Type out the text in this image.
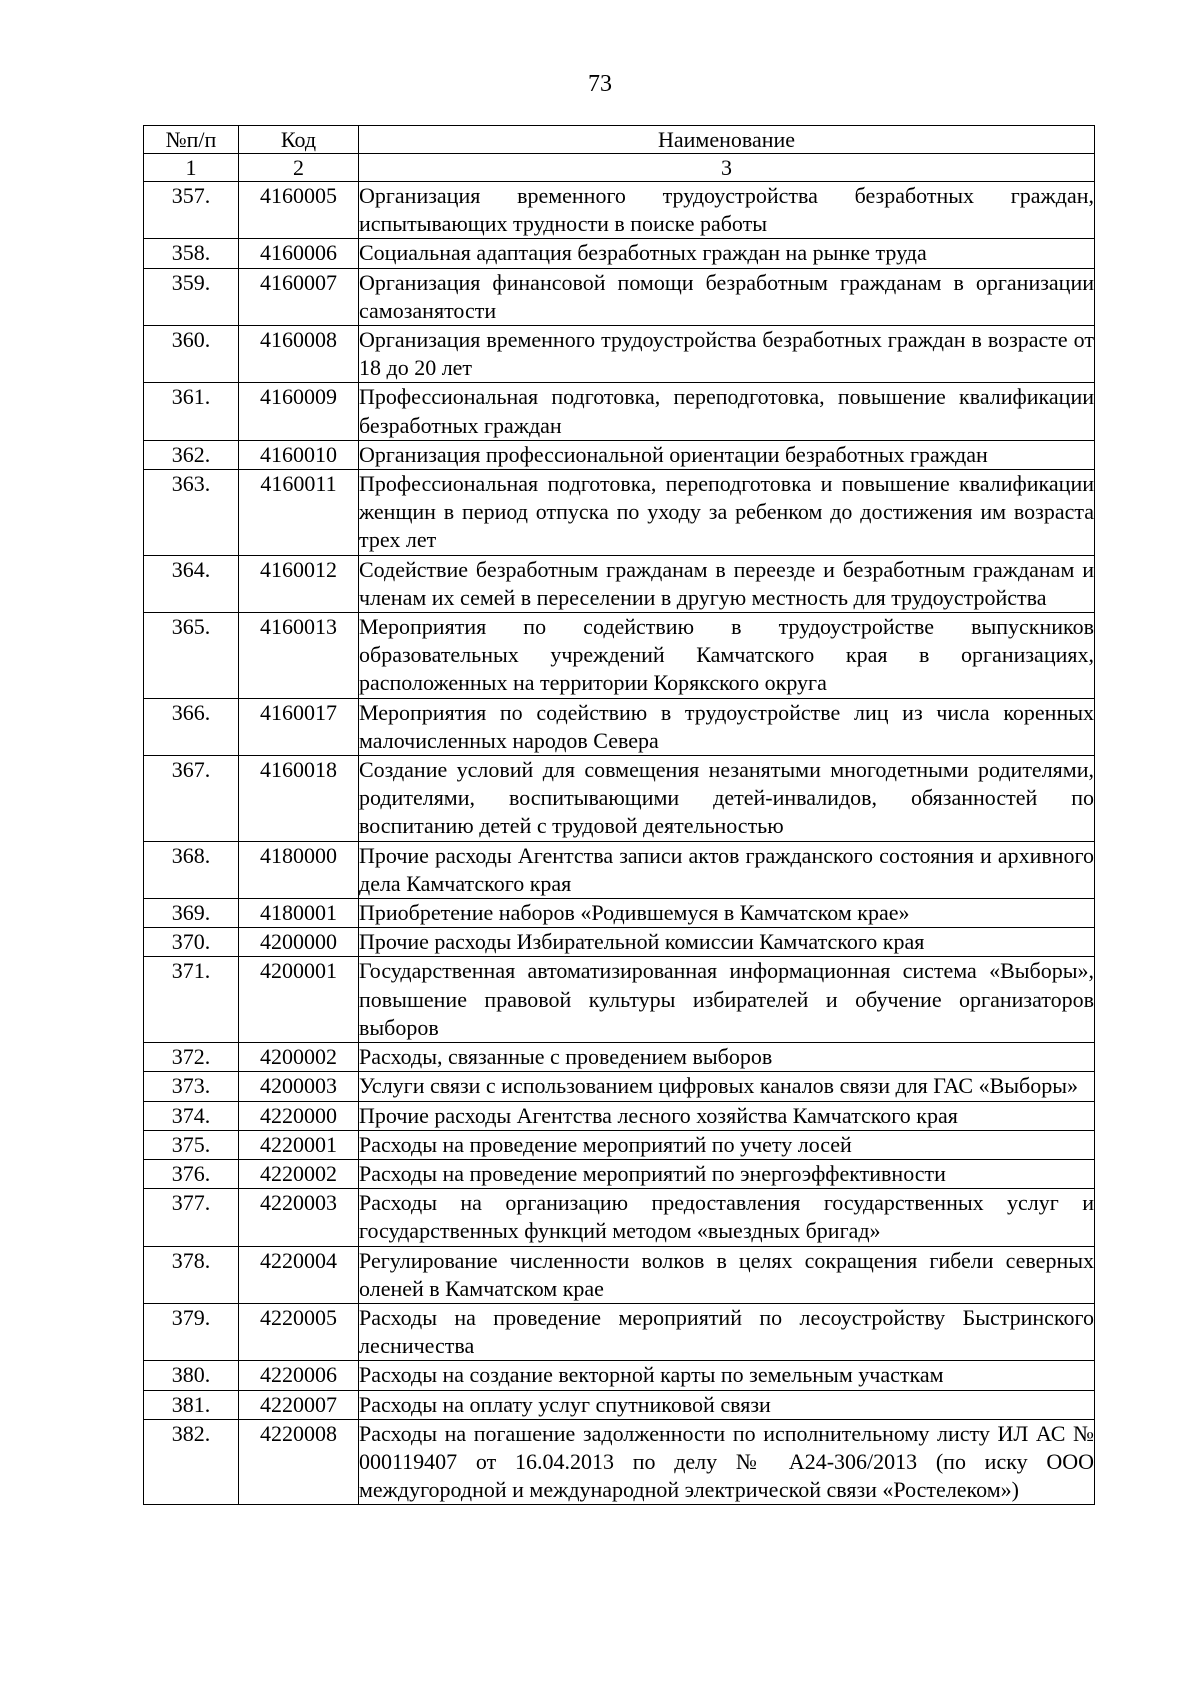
73
№п/п	Код	Наименование
1	2	3
357.	4160005	Организация временного трудоустройства безработных граждан, испытывающих трудности в поиске работы
358.	4160006	Социальная адаптация безработных граждан на рынке труда
359.	4160007	Организация финансовой помощи безработным гражданам в организации самозанятости
360.	4160008	Организация временного трудоустройства безработных граждан в возрасте от 18 до 20 лет
361.	4160009	Профессиональная подготовка, переподготовка, повышение квалификации безработных граждан
362.	4160010	Организация профессиональной ориентации безработных граждан
363.	4160011	Профессиональная подготовка, переподготовка и повышение квалификации женщин в период отпуска по уходу за ребенком до достижения им возраста трех лет
364.	4160012	Содействие безработным гражданам в переезде и безработным гражданам и членам их семей в переселении в другую местность для трудоустройства
365.	4160013	Мероприятия по содействию в трудоустройстве выпускников образовательных учреждений Камчатского края в организациях, расположенных на территории Корякского округа
366.	4160017	Мероприятия по содействию в трудоустройстве лиц из числа коренных малочисленных народов Севера
367.	4160018	Создание условий для совмещения незанятыми многодетными родителями, родителями, воспитывающими детей-инвалидов, обязанностей по воспитанию детей с трудовой деятельностью
368.	4180000	Прочие расходы Агентства записи актов гражданского состояния и архивного дела Камчатского края
369.	4180001	Приобретение наборов «Родившемуся в Камчатском крае»
370.	4200000	Прочие расходы Избирательной комиссии Камчатского края
371.	4200001	Государственная автоматизированная информационная система «Выборы», повышение правовой культуры избирателей и обучение организаторов выборов
372.	4200002	Расходы, связанные с проведением выборов
373.	4200003	Услуги связи с использованием цифровых каналов связи для ГАС «Выборы»
374.	4220000	Прочие расходы Агентства лесного хозяйства Камчатского края
375.	4220001	Расходы на проведение мероприятий по учету лосей
376.	4220002	Расходы на проведение мероприятий по энергоэффективности
377.	4220003	Расходы на организацию предоставления государственных услуг и государственных функций методом «выездных бригад»
378.	4220004	Регулирование численности волков в целях сокращения гибели северных оленей в Камчатском крае
379.	4220005	Расходы на проведение мероприятий по лесоустройству Быстринского лесничества
380.	4220006	Расходы на создание векторной карты по земельным участкам
381.	4220007	Расходы на оплату услуг спутниковой связи
382.	4220008	Расходы на погашение задолженности по исполнительному листу ИЛ АС № 000119407 от 16.04.2013 по делу № А24-306/2013 (по иску ООО междугородной и международной электрической связи «Ростелеком»)
